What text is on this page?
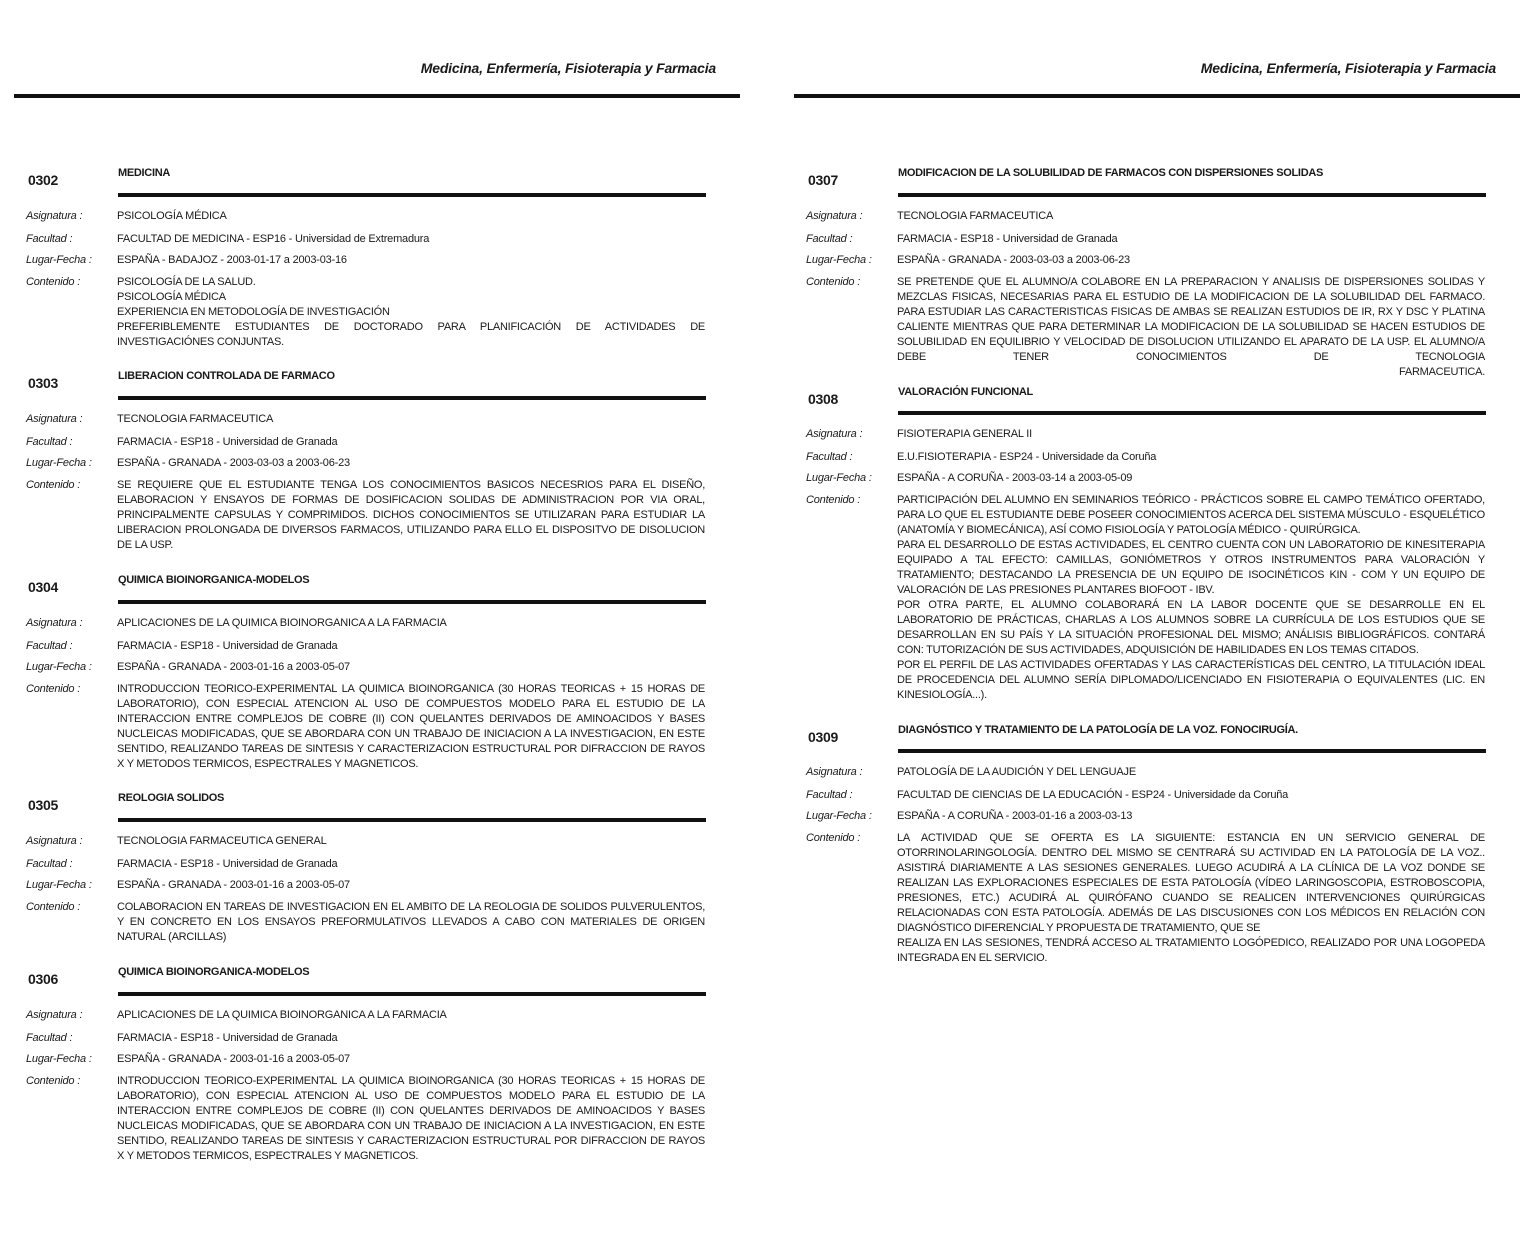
Medicina, Enfermería, Fisioterapia y Farmacia
0302	MEDICINA
Asignatura :	PSICOLOGÍA MÉDICA
Facultad :	FACULTAD DE MEDICINA - ESP16 - Universidad de Extremadura
Lugar-Fecha : ESPAÑA - BADAJOZ - 2003-01-17 a 2003-03-16
Contenido :	PSICOLOGÍA DE LA SALUD.
PSICOLOGÍA MÉDICA
EXPERIENCIA EN METODOLOGÍA DE INVESTIGACIÓN
PREFERIBLEMENTE ESTUDIANTES DE DOCTORADO PARA PLANIFICACIÓN DE ACTIVIDADES DE INVESTIGACIÓNES CONJUNTAS.
0303	LIBERACION CONTROLADA DE FARMACO
Asignatura :	TECNOLOGIA FARMACEUTICA
Facultad :	FARMACIA - ESP18 - Universidad de Granada
Lugar-Fecha : ESPAÑA - GRANADA - 2003-03-03 a 2003-06-23
Contenido :	SE REQUIERE QUE EL ESTUDIANTE TENGA LOS CONOCIMIENTOS BASICOS NECESRIOS PARA EL DISEÑO, ELABORACION Y ENSAYOS DE FORMAS DE DOSIFICACION SOLIDAS DE ADMINISTRACION POR VIA ORAL, PRINCIPALMENTE CAPSULAS Y COMPRIMIDOS. DICHOS CONOCIMIENTOS SE UTILIZARAN PARA ESTUDIAR LA LIBERACION PROLONGADA DE DIVERSOS FARMACOS, UTILIZANDO PARA ELLO EL DISPOSITVO DE DISOLUCION DE LA USP.
0304	QUIMICA BIOINORGANICA-MODELOS
Asignatura :	APLICACIONES DE LA QUIMICA BIOINORGANICA A LA FARMACIA
Facultad :	FARMACIA - ESP18 - Universidad de Granada
Lugar-Fecha : ESPAÑA - GRANADA - 2003-01-16 a 2003-05-07
Contenido :	INTRODUCCION TEORICO-EXPERIMENTAL LA QUIMICA BIOINORGANICA (30 HORAS TEORICAS + 15 HORAS DE LABORATORIO), CON ESPECIAL ATENCION AL USO DE COMPUESTOS MODELO PARA EL ESTUDIO DE LA INTERACCION ENTRE COMPLEJOS DE COBRE (II) CON QUELANTES DERIVADOS DE AMINOACIDOS Y BASES NUCLEICAS MODIFICADAS, QUE SE ABORDARA CON UN TRABAJO DE INICIACION A LA INVESTIGACION, EN ESTE SENTIDO, REALIZANDO TAREAS DE SINTESIS Y CARACTERIZACION ESTRUCTURAL POR DIFRACCION DE RAYOS X Y METODOS TERMICOS, ESPECTRALES Y MAGNETICOS.
0305	REOLOGIA SOLIDOS
Asignatura :	TECNOLOGIA FARMACEUTICA GENERAL
Facultad :	FARMACIA - ESP18 - Universidad de Granada
Lugar-Fecha : ESPAÑA - GRANADA - 2003-01-16 a 2003-05-07
Contenido :	COLABORACION EN TAREAS DE INVESTIGACION EN EL AMBITO DE LA REOLOGIA DE SOLIDOS PULVERULENTOS, Y EN CONCRETO EN LOS ENSAYOS PREFORMULATIVOS LLEVADOS A CABO CON MATERIALES DE ORIGEN NATURAL (ARCILLAS)
0306	QUIMICA BIOINORGANICA-MODELOS
Asignatura :	APLICACIONES DE LA QUIMICA BIOINORGANICA A LA FARMACIA
Facultad :	FARMACIA - ESP18 - Universidad de Granada
Lugar-Fecha : ESPAÑA - GRANADA - 2003-01-16 a 2003-05-07
Contenido :	INTRODUCCION TEORICO-EXPERIMENTAL LA QUIMICA BIOINORGANICA (30 HORAS TEORICAS + 15 HORAS DE LABORATORIO), CON ESPECIAL ATENCION AL USO DE COMPUESTOS MODELO PARA EL ESTUDIO DE LA INTERACCION ENTRE COMPLEJOS DE COBRE (II) CON QUELANTES DERIVADOS DE AMINOACIDOS Y BASES NUCLEICAS MODIFICADAS, QUE SE ABORDARA CON UN TRABAJO DE INICIACION A LA INVESTIGACION, EN ESTE SENTIDO, REALIZANDO TAREAS DE SINTESIS Y CARACTERIZACION ESTRUCTURAL POR DIFRACCION DE RAYOS X Y METODOS TERMICOS, ESPECTRALES Y MAGNETICOS.
Medicina, Enfermería, Fisioterapia y Farmacia
0307	MODIFICACION DE LA SOLUBILIDAD DE FARMACOS CON DISPERSIONES SOLIDAS
Asignatura :	TECNOLOGIA FARMACEUTICA
Facultad :	FARMACIA - ESP18 - Universidad de Granada
Lugar-Fecha : ESPAÑA - GRANADA - 2003-03-03 a 2003-06-23
Contenido :	SE PRETENDE QUE EL ALUMNO/A COLABORE EN LA PREPARACION Y ANALISIS DE DISPERSIONES SOLIDAS Y MEZCLAS FISICAS, NECESARIAS PARA EL ESTUDIO DE LA MODIFICACION DE LA SOLUBILIDAD DEL FARMACO. PARA ESTUDIAR LAS CARACTERISTICAS FISICAS DE AMBAS SE REALIZAN ESTUDIOS DE IR, RX Y DSC Y PLATINA CALIENTE MIENTRAS QUE PARA DETERMINAR LA MODIFICACION DE LA SOLUBILIDAD SE HACEN ESTUDIOS DE SOLUBILIDAD EN EQUILIBRIO Y VELOCIDAD DE DISOLUCION UTILIZANDO EL APARATO DE LA USP. EL ALUMNO/A DEBE TENER CONOCIMIENTOS DE TECNOLOGIA
FARMACEUTICA.
0308	VALORACIÓN FUNCIONAL
Asignatura :	FISIOTERAPIA GENERAL II
Facultad :	E.U.FISIOTERAPIA - ESP24 - Universidade da Coruña
Lugar-Fecha : ESPAÑA - A CORUÑA - 2003-03-14 a 2003-05-09
Contenido :	PARTICIPACIÓN DEL ALUMNO EN SEMINARIOS TEÓRICO - PRÁCTICOS SOBRE EL CAMPO TEMÁTICO OFERTADO, PARA LO QUE EL ESTUDIANTE DEBE POSEER CONOCIMIENTOS ACERCA DEL SISTEMA MÚSCULO - ESQUELÉTICO (ANATOMÍA Y BIOMECÁNICA), ASÍ COMO FISIOLOGÍA Y PATOLOGÍA MÉDICO - QUIRÚRGICA.
PARA EL DESARROLLO DE ESTAS ACTIVIDADES, EL CENTRO CUENTA CON UN LABORATORIO DE KINESITERAPIA EQUIPADO A TAL EFECTO: CAMILLAS, GONIÓMETROS Y OTROS INSTRUMENTOS PARA VALORACIÓN Y TRATAMIENTO; DESTACANDO LA PRESENCIA DE UN EQUIPO DE ISOCINÉTICOS KIN - COM Y UN EQUIPO DE VALORACIÓN DE LAS PRESIONES PLANTARES BIOFOOT - IBV.
POR OTRA PARTE, EL ALUMNO COLABORARÁ EN LA LABOR DOCENTE QUE SE DESARROLLE EN EL LABORATORIO DE PRÁCTICAS, CHARLAS A LOS ALUMNOS SOBRE LA CURRÍCULA DE LOS ESTUDIOS QUE SE DESARROLLAN EN SU PAÍS Y LA SITUACIÓN PROFESIONAL DEL MISMO; ANÁLISIS BIBLIOGRÁFICOS. CONTARÁ CON: TUTORIZACIÓN DE SUS ACTIVIDADES, ADQUISICIÓN DE HABILIDADES EN LOS TEMAS CITADOS.
POR EL PERFIL DE LAS ACTIVIDADES OFERTADAS Y LAS CARACTERÍSTICAS DEL CENTRO, LA TITULACIÓN IDEAL DE PROCEDENCIA DEL ALUMNO SERÍA DIPLOMADO/LICENCIADO EN FISIOTERAPIA O EQUIVALENTES (LIC. EN KINESIOLOGÍA...).
0309	DIAGNÓSTICO Y TRATAMIENTO DE LA PATOLOGÍA DE LA VOZ. FONOCIRUGÍA.
Asignatura :	PATOLOGÍA DE LA AUDICIÓN Y DEL LENGUAJE
Facultad :	FACULTAD DE CIENCIAS DE LA EDUCACIÓN - ESP24 - Universidade da Coruña
Lugar-Fecha : ESPAÑA - A CORUÑA - 2003-01-16 a 2003-03-13
Contenido :	LA ACTIVIDAD QUE SE OFERTA ES LA SIGUIENTE: ESTANCIA EN UN SERVICIO GENERAL DE OTORRINOLARINGOLOGÍA. DENTRO DEL MISMO SE CENTRARÁ SU ACTIVIDAD EN LA PATOLOGÍA DE LA VOZ.. ASISTIRÁ DIARIAMENTE A LAS SESIONES GENERALES. LUEGO ACUDIRÁ A LA CLÍNICA DE LA VOZ DONDE SE REALIZAN LAS EXPLORACIONES ESPECIALES DE ESTA PATOLOGÍA (VÍDEO LARINGOSCOPIA, ESTROBOSCOPIA, PRESIONES, ETC.) ACUDIRÁ AL QUIRÓFANO CUANDO SE REALICEN INTERVENCIONES QUIRÚRGICAS RELACIONADAS CON ESTA PATOLOGÍA. ADEMÁS DE LAS DISCUSIONES CON LOS MÉDICOS EN RELACIÓN CON DIAGNÓSTICO DIFERENCIAL Y PROPUESTA DE TRATAMIENTO, QUE SE
REALIZA EN LAS SESIONES, TENDRÁ ACCESO AL TRATAMIENTO LOGÓPEDICO, REALIZADO POR UNA LOGOPEDA INTEGRADA EN EL SERVICIO.
